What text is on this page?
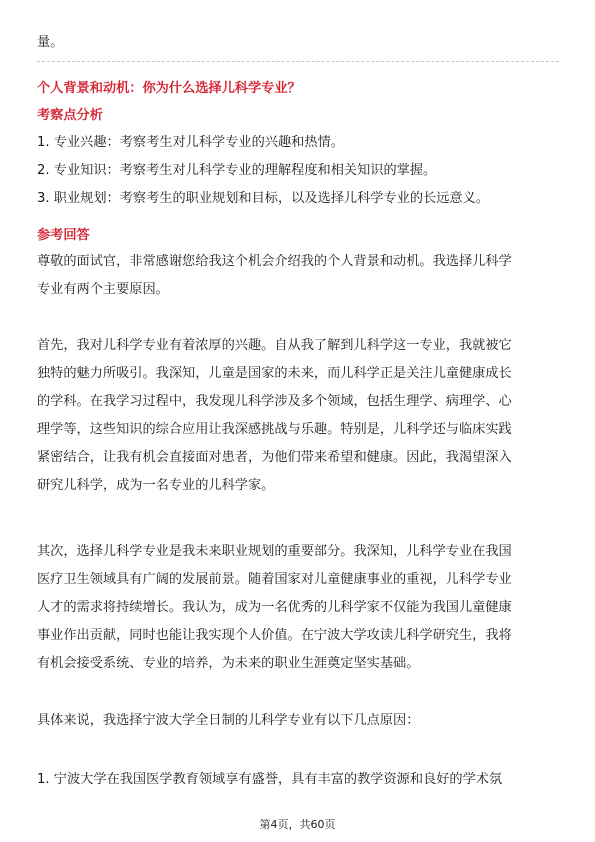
量。
个人背景和动机：你为什么选择儿科学专业？
考察点分析
1. 专业兴趣：考察考生对儿科学专业的兴趣和热情。
2. 专业知识：考察考生对儿科学专业的理解程度和相关知识的掌握。
3. 职业规划：考察考生的职业规划和目标，以及选择儿科学专业的长远意义。
参考回答
尊敬的面试官，非常感谢您给我这个机会介绍我的个人背景和动机。我选择儿科学
专业有两个主要原因。
首先，我对儿科学专业有着浓厚的兴趣。自从我了解到儿科学这一专业，我就被它
独特的魅力所吸引。我深知，儿童是国家的未来，而儿科学正是关注儿童健康成长
的学科。在我学习过程中，我发现儿科学涉及多个领域，包括生理学、病理学、心
理学等，这些知识的综合应用让我深感挑战与乐趣。特别是，儿科学还与临床实践
紧密结合，让我有机会直接面对患者，为他们带来希望和健康。因此，我渴望深入
研究儿科学，成为一名专业的儿科学家。
其次，选择儿科学专业是我未来职业规划的重要部分。我深知，儿科学专业在我国
医疗卫生领域具有广阔的发展前景。随着国家对儿童健康事业的重视，儿科学专业
人才的需求将持续增长。我认为，成为一名优秀的儿科学家不仅能为我国儿童健康
事业作出贡献，同时也能让我实现个人价值。在宁波大学攻读儿科学研究生，我将
有机会接受系统、专业的培养，为未来的职业生涯奠定坚实基础。
具体来说，我选择宁波大学全日制的儿科学专业有以下几点原因：
1. 宁波大学在我国医学教育领域享有盛誉，具有丰富的教学资源和良好的学术氛
第4页，共60页
